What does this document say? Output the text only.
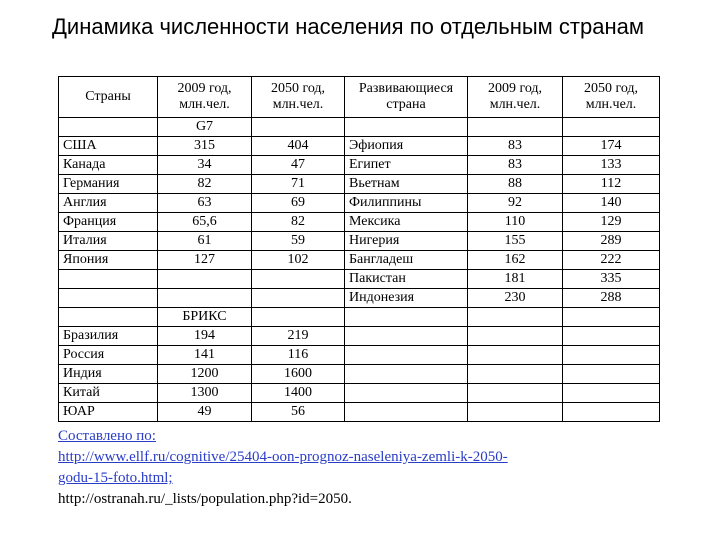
Динамика численности населения по отдельным странам
Страны	2009 год, млн.чел.	2050 год, млн.чел.	Развивающиеся страна	2009 год, млн.чел.	2050 год, млн.чел.
	G7				
США	315	404	Эфиопия	83	174
Канада	34	47	Египет	83	133
Германия	82	71	Вьетнам	88	112
Англия	63	69	Филиппины	92	140
Франция	65,6	82	Мексика	110	129
Италия	61	59	Нигерия	155	289
Япония	127	102	Бангладеш	162	222
			Пакистан	181	335
			Индонезия	230	288
	БРИКС				
Бразилия	194	219			
Россия	141	116			
Индия	1200	1600			
Китай	1300	1400			
ЮАР	49	56			
Составлено по:
http://www.ellf.ru/cognitive/25404-oon-prognoz-naseleniya-zemli-k-2050-
godu-15-foto.html;
http://ostranah.ru/_lists/population.php?id=2050.
